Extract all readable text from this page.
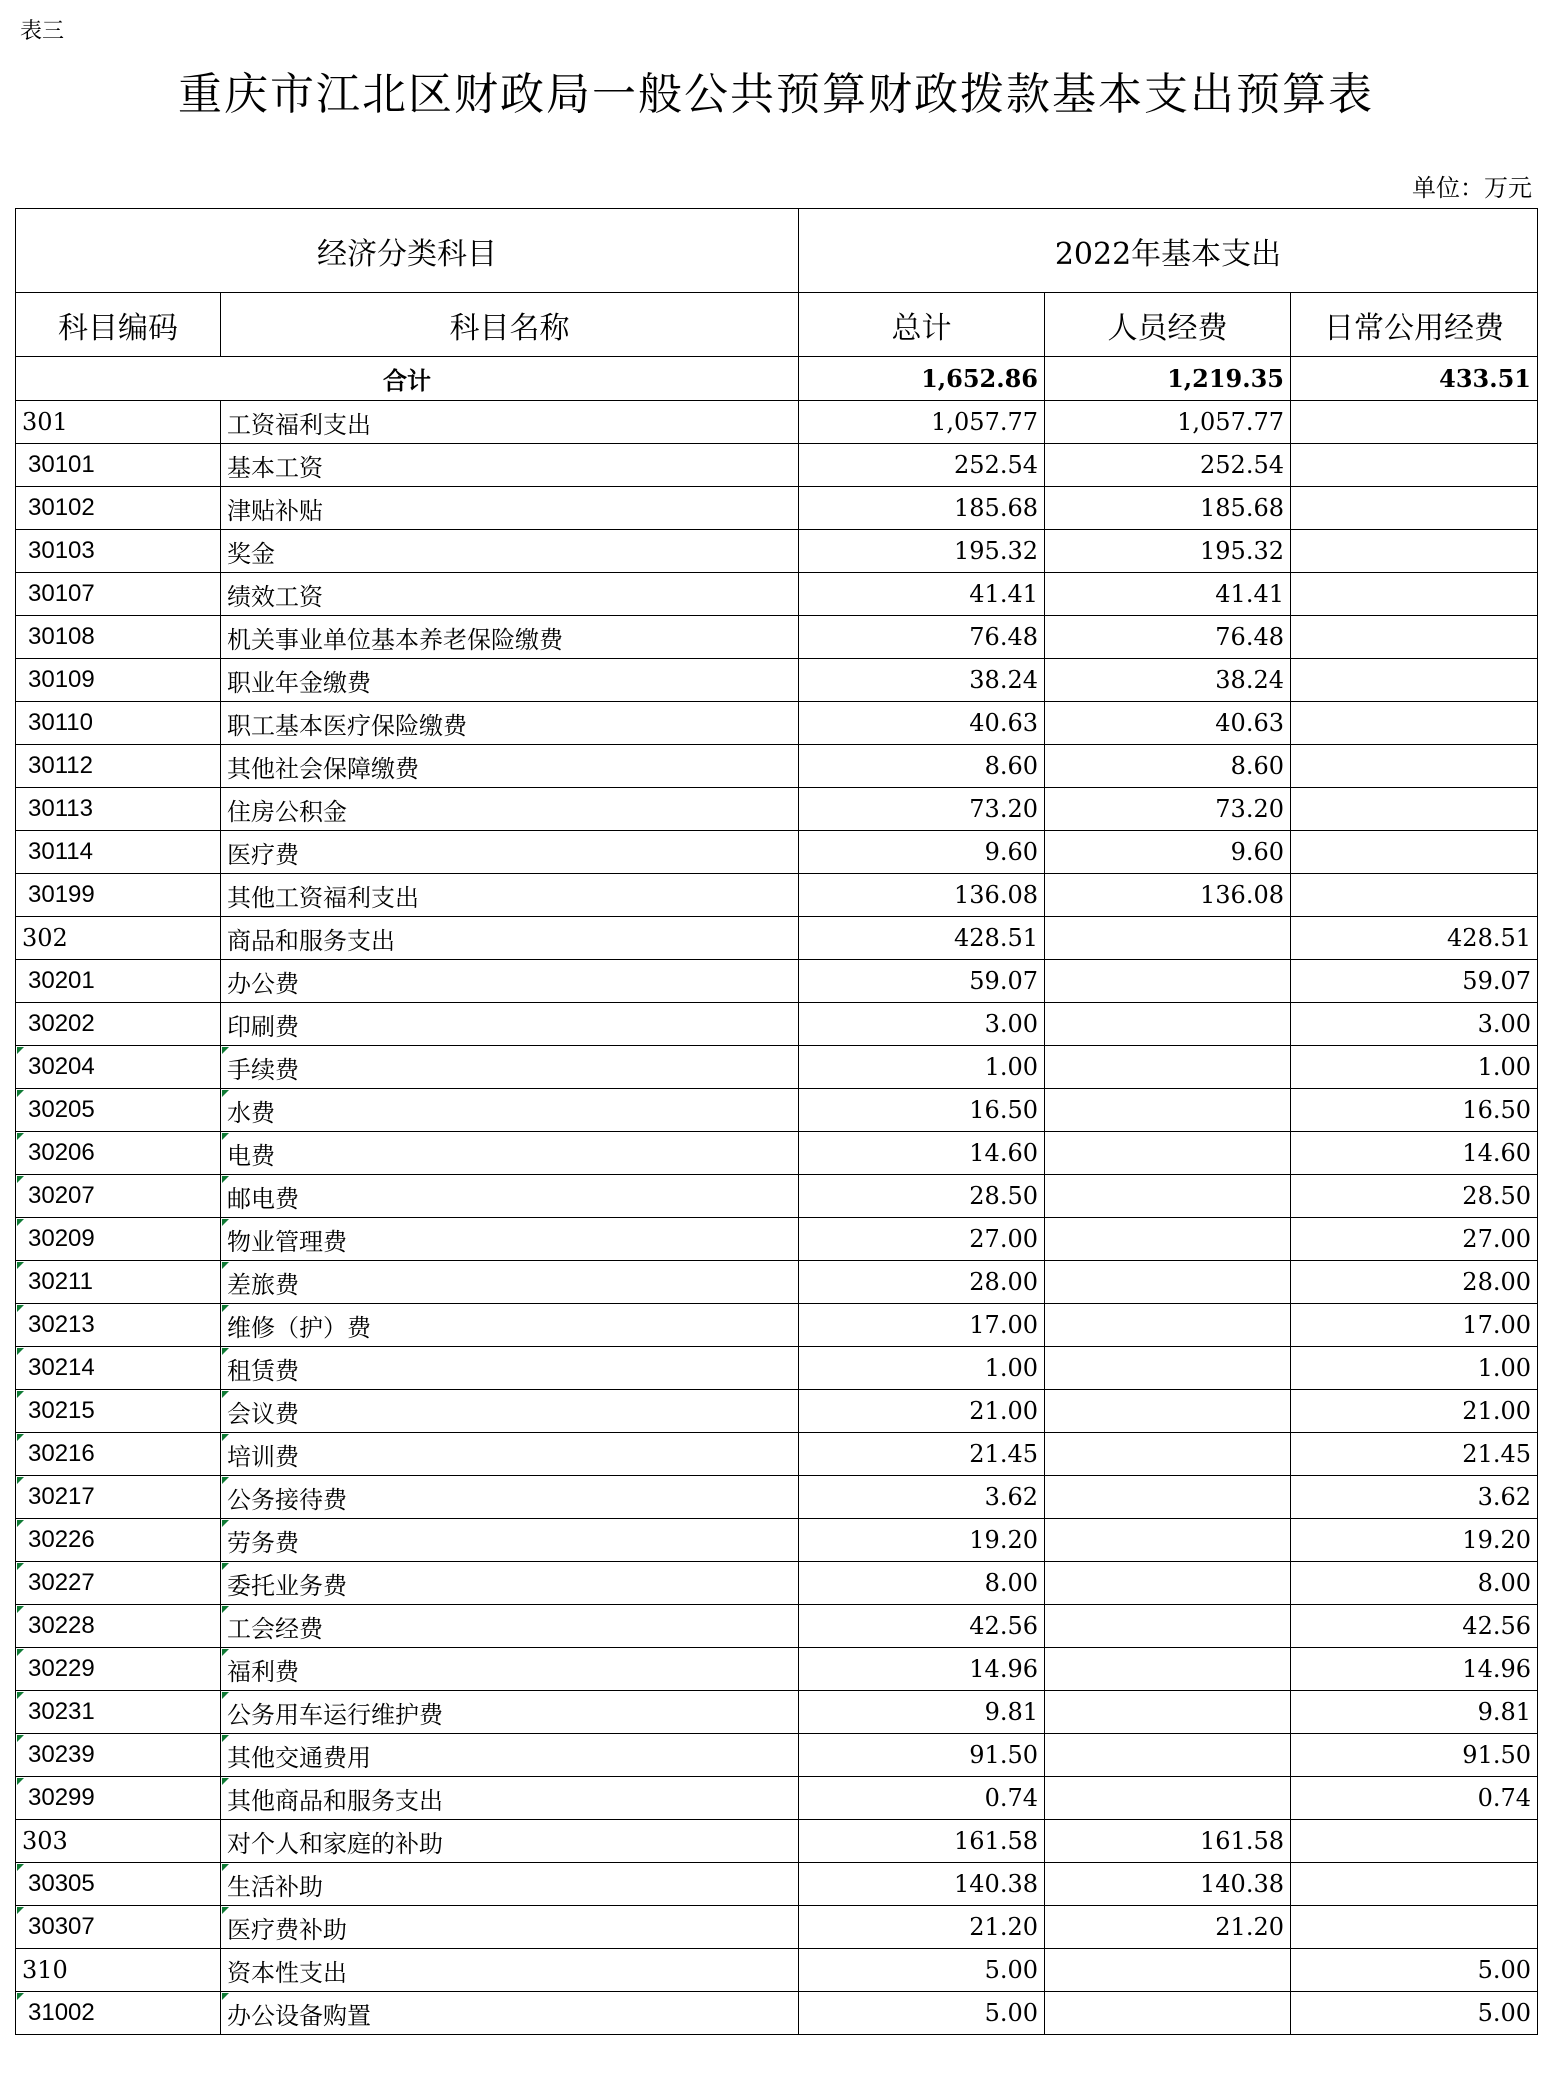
表三
重庆市江北区财政局一般公共预算财政拨款基本支出预算表
单位：万元
经济分类科目		2022年基本支出		
科目编码	科目名称	总计	人员经费	日常公用经费
合计		1,652.86	1,219.35	433.51
301	工资福利支出	1,057.77	1,057.77	
30101	基本工资	252.54	252.54	
30102	津贴补贴	185.68	185.68	
30103	奖金	195.32	195.32	
30107	绩效工资	41.41	41.41	
30108	机关事业单位基本养老保险缴费	76.48	76.48	
30109	职业年金缴费	38.24	38.24	
30110	职工基本医疗保险缴费	40.63	40.63	
30112	其他社会保障缴费	8.60	8.60	
30113	住房公积金	73.20	73.20	
30114	医疗费	9.60	9.60	
30199	其他工资福利支出	136.08	136.08	
302	商品和服务支出	428.51		428.51
30201	办公费	59.07		59.07
30202	印刷费	3.00		3.00
30204	手续费	1.00		1.00
30205	水费	16.50		16.50
30206	电费	14.60		14.60
30207	邮电费	28.50		28.50
30209	物业管理费	27.00		27.00
30211	差旅费	28.00		28.00
30213	维修（护）费	17.00		17.00
30214	租赁费	1.00		1.00
30215	会议费	21.00		21.00
30216	培训费	21.45		21.45
30217	公务接待费	3.62		3.62
30226	劳务费	19.20		19.20
30227	委托业务费	8.00		8.00
30228	工会经费	42.56		42.56
30229	福利费	14.96		14.96
30231	公务用车运行维护费	9.81		9.81
30239	其他交通费用	91.50		91.50
30299	其他商品和服务支出	0.74		0.74
303	对个人和家庭的补助	161.58	161.58	
30305	生活补助	140.38	140.38	
30307	医疗费补助	21.20	21.20	
310	资本性支出	5.00		5.00
31002	办公设备购置	5.00		5.00
